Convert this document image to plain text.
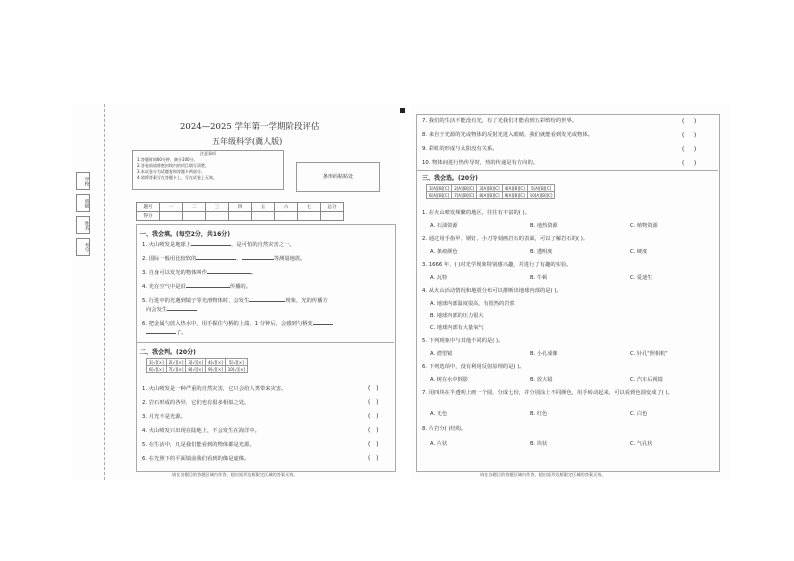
学校
班级
姓名
考号
2024—2025 学年第一学期阶段评估
五年级科学(冀人版)
注意事项
1.答题时间60分钟，满分100分。
2.答卷前请将密封线内的项目填写清楚。
3.本试卷分为试题卷和答题卡两部分。
4.请将答案写在答题卡上，写在试卷上无效。	条形码粘贴处
题号	一	二	三	四	五	六	七	总分
得分								
一、我会填。(每空2分，共16分)
1. 火山喷发是地球上	，是可怕的自然灾害之一。
2. 国际一般用比较软的	、	等测量地震。
3. 自身可以发光的物体叫作	。
4. 光在空气中是沿	传播的。
5. 行进中的光遇到镜子等光滑物体时，会发生	现象，光的传播方
向会发生
6. 把金属勺放入热水中，用手握住勺柄的上端，1 分钟后，会感到勺柄变
了。
二、我会判。(20分)
1[√][×]	2[√][×]	3[√][×]	4[√][×]	5[√][×]
6[√][×]	7[√][×]	8[√][×]	9[√][×]	10[√][×]
1. 火山喷发是一种严重的自然灾害，它只会给人类带来灾害。	(   )
2. 岩石形成的各异，它们也有很多相似之处。	(   )
3. 月光不是光源。	(   )
4. 火山喷发只出现在陆地上，不会发生在海洋中。	(   )
5. 在生活中，凡是我们能看到的物体都是光源。	(   )
6. 在光照下的平面镜前我们看到的像是虚像。	(   )
请在各题目的答题区域内作答，超出矩形边框限定区域的答案无效。
7. 我们的生活不能没有光，有了光我们才能看到五彩缤纷的世界。	(     )
8. 来自于光源的光或物体的反射光进入眼睛，我们就能看到发光或物体。	(     )
9. 彩虹的形成与太阳没有关系。	(     )
10. 物体间进行热传导时，热的传递是有方向的。	(     )
三、我会选。(20分)
1[A][B][C]	2[A][B][C]	3[A][B][C]	4[A][B][C]	5[A][B][C]
6[A][B][C]	7[A][B][C]	8[A][B][C]	9[A][B][C]	10[A][B][C]
1. 在火山喷发频繁的地区，往往有丰富的( )。
A. 石油资源	B. 地热资源	C. 植物资源
2. 通过用手指甲、钢钉、小刀等刻画岩石的表面，可以了解岩石的( )。
A. 条痕颜色	B. 透明度	C. 硬度
3. 1666 年，( )对光学现象特别感兴趣，并进行了有趣的实验。
A. 瓦特	B. 牛顿	C. 爱迪生
4. 从火山活动情况和地震分布可以推断出地球内部的是( )。
A. 地球内部温度很高，有很热的岩浆
B. 地球内部的压力很大
C. 地球内部有大量氧气
5. 下列现象中与其他不同的是( )。
A. 潜望镜	B. 小孔成像	C. 针孔"照相机"
6. 下列选项中，没有利用反射原理的是( )。
A. 树在水中倒影	B. 放大镜	C. 汽车后视镜
7. 用四块在半透明上画一个圆，分成七份，并分别涂上不同颜色，用手转动起来，可以看到色圆变成了( )。
A. 无色	B. 红色	C. 白色
8. 片岩分( )结构。
A. 片状	B. 块状	C. 气孔状
请在各题目的答题区域内作答，超出矩形边框限定区域的答案无效。
